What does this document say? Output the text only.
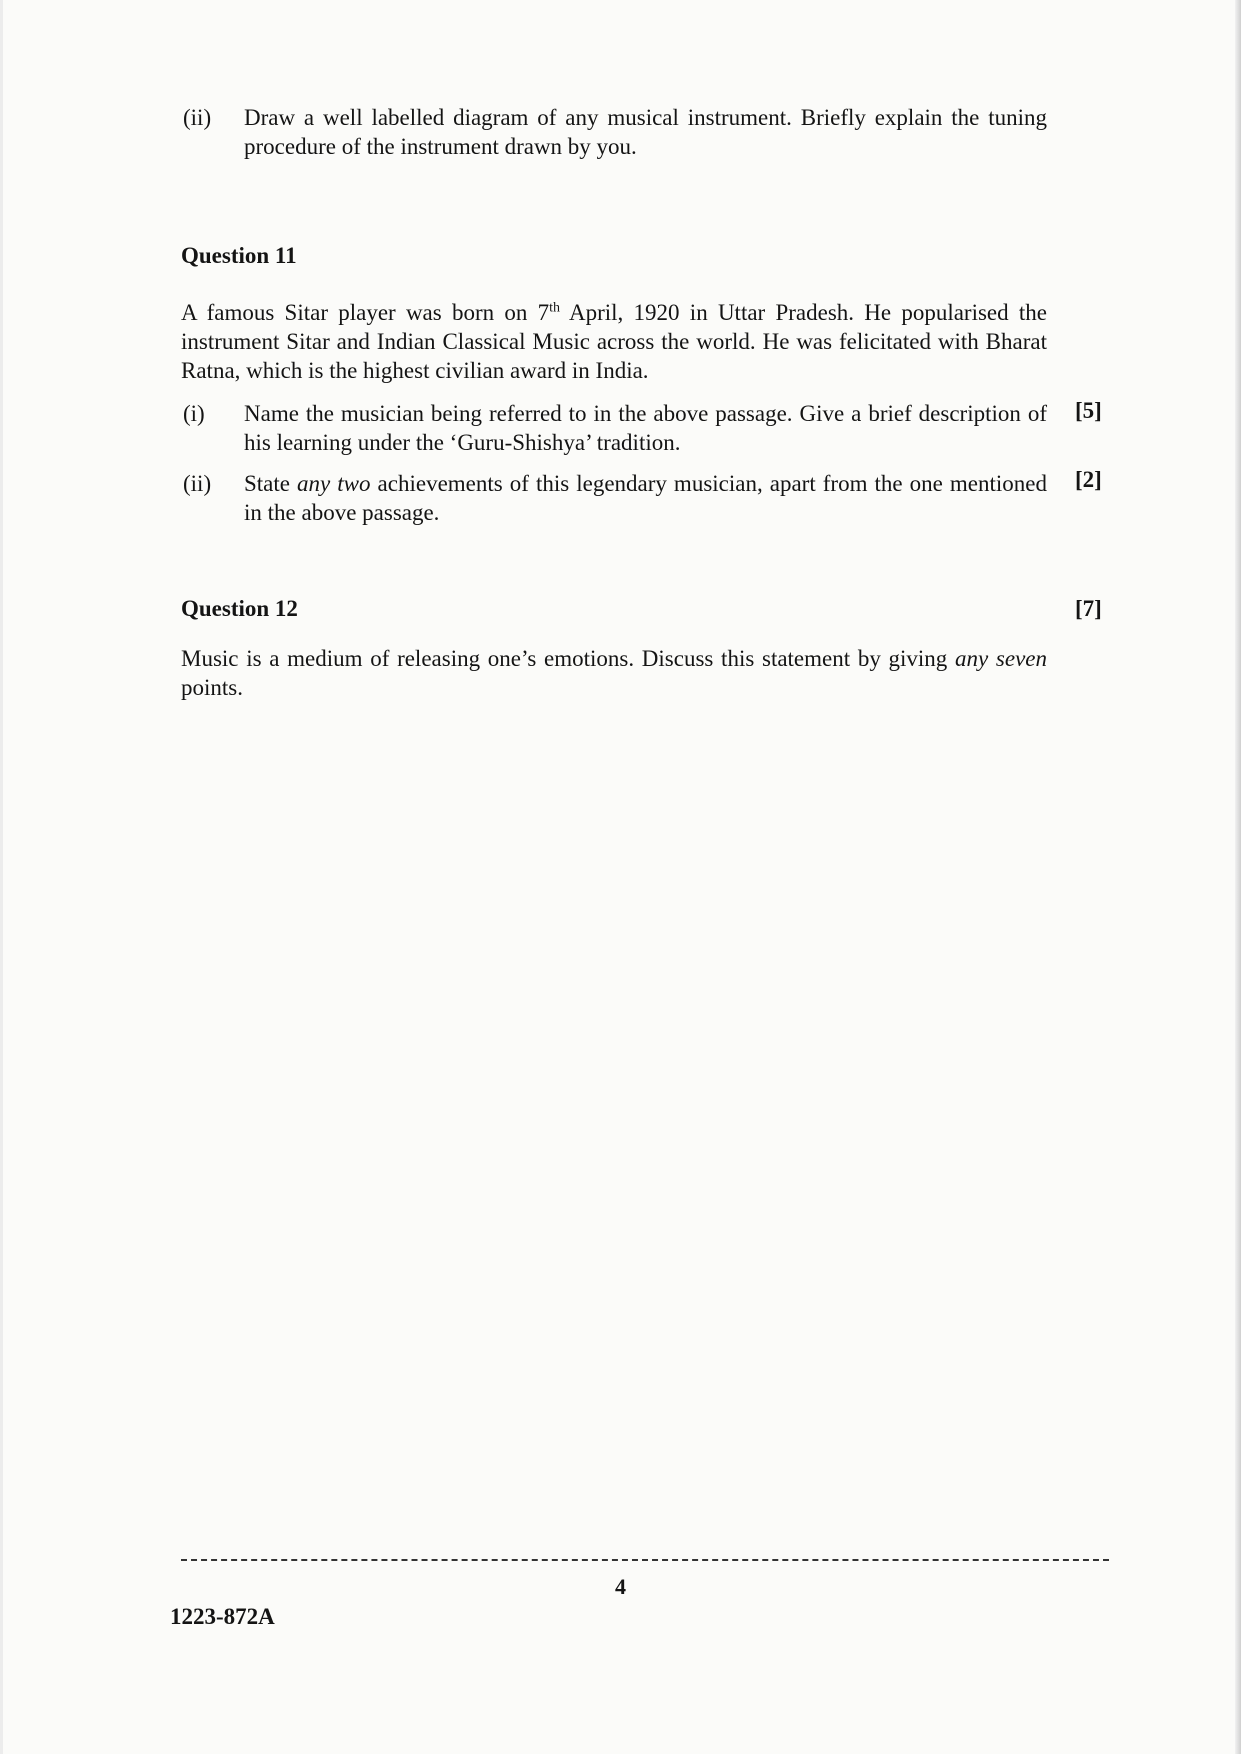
(ii) Draw a well labelled diagram of any musical instrument. Briefly explain the tuning procedure of the instrument drawn by you.
Question 11

A famous Sitar player was born on 7th April, 1920 in Uttar Pradesh. He popularised the instrument Sitar and Indian Classical Music across the world. He was felicitated with Bharat Ratna, which is the highest civilian award in India.

(i) Name the musician being referred to in the above passage. Give a brief description of his learning under the ‘Guru-Shishya’ tradition.
[5]
(ii) State any two achievements of this legendary musician, apart from the one mentioned in the above passage.
[2]
Question 12	[7]

Music is a medium of releasing one’s emotions. Discuss this statement by giving any seven points.

4
1223-872A
